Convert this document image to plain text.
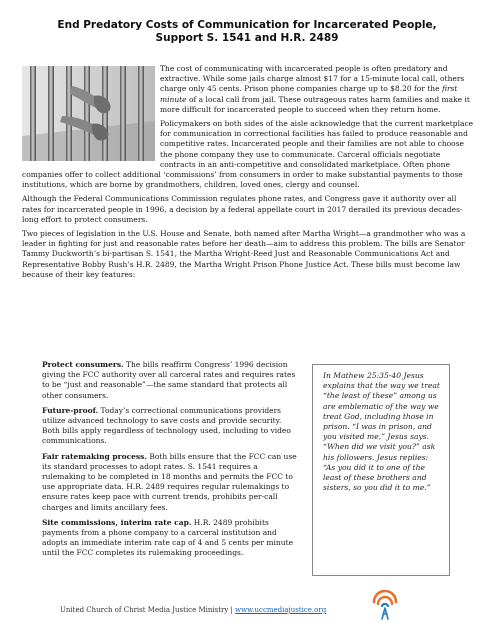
End Predatory Costs of Communication for Incarcerated People,
Support S. 1541 and H.R. 2489

The cost of communicating with incarcerated people is often predatory and extractive. While some jails charge almost $17 for a 15-minute local call, others charge only 45 cents. Prison phone companies charge up to $8.20 for the first minute of a local call from jail. These outrageous rates harm families and make it more difficult for incarcerated people to succeed when they return home.

Policymakers on both sides of the aisle acknowledge that the current marketplace for communication in correctional facilities has failed to produce reasonable and competitive rates. Incarcerated people and their families are not able to choose the phone company they use to communicate. Carceral officials negotiate contracts in an anti-competitive and consolidated marketplace. Often phone companies offer to collect additional ‘commissions’ from consumers in order to make substantial payments to those institutions, which are borne by grandmothers, children, loved ones, clergy and counsel.

Although the Federal Communications Commission regulates phone rates, and Congress gave it authority over all rates for incarcerated people in 1996, a decision by a federal appellate court in 2017 derailed its previous decades-long effort to protect consumers.

Two pieces of legislation in the U.S. House and Senate, both named after Martha Wright—a grandmother who was a leader in fighting for just and reasonable rates before her death—aim to address this problem. The bills are Senator Tammy Duckworth’s bi-partisan S. 1541, the Martha Wright-Reed Just and Reasonable Communications Act and Representative Bobby Rush’s H.R. 2489, the Martha Wright Prison Phone Justice Act. These bills must become law because of their key features:

Protect consumers. The bills reaffirm Congress’ 1996 decision giving the FCC authority over all carceral rates and requires rates to be “just and reasonable”—the same standard that protects all other consumers.

Future-proof. Today’s correctional communications providers utilize advanced technology to save costs and provide security. Both bills apply regardless of technology used, including to video communications.

Fair ratemaking process. Both bills ensure that the FCC can use its standard processes to adopt rates. S. 1541 requires a rulemaking to be completed in 18 months and permits the FCC to use appropriate data. H.R. 2489 requires regular rulemakings to ensure rates keep pace with current trends, prohibits per-call charges and limits ancillary fees.

Site commissions, interim rate cap. H.R. 2489 prohibits payments from a phone company to a carceral institution and adopts an immediate interim rate cap of 4 and 5 cents per minute until the FCC completes its rulemaking proceedings.

In Mathew 25:35-40 Jesus explains that the way we treat “the least of these” among us are emblematic of the way we treat God, including those in prison. “I was in prison, and you visited me,” Jesus says. “When did we visit you?” ask his followers. Jesus replies: “As you did it to one of the least of these brothers and sisters, so you did it to me.”
United Church of Christ Media Justice Ministry | www.uccmediajustice.org
